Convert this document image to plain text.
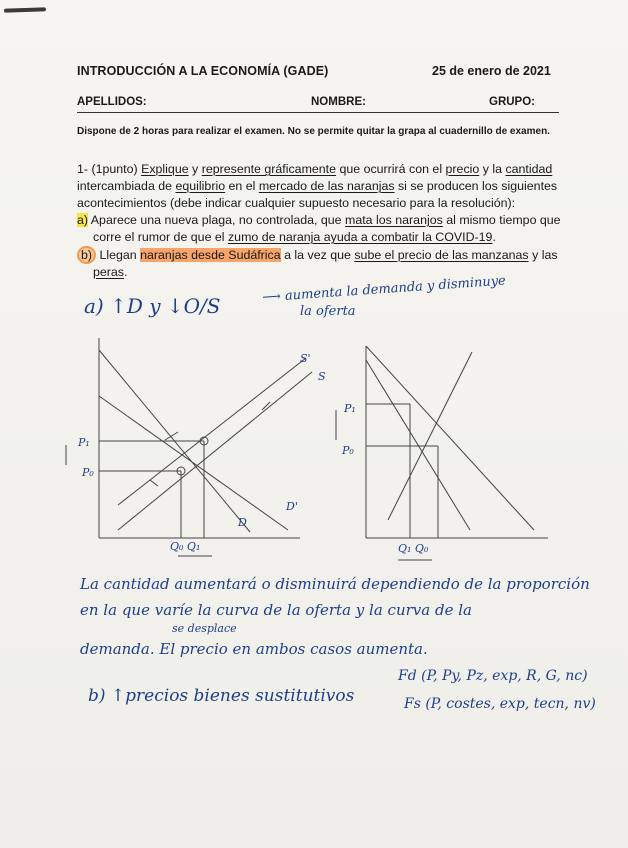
INTRODUCCIÓN A LA ECONOMÍA (GADE)	25 de enero de 2021
APELLIDOS:	NOMBRE:	GRUPO:
Dispone de 2 horas para realizar el examen. No se permite quitar la grapa al cuadernillo de examen.
1- (1punto) Explique y represente gráficamente que ocurrirá con el precio y la cantidad
intercambiada de equilibrio en el mercado de las naranjas si se producen los siguientes
acontecimientos (debe indicar cualquier supuesto necesario para la resolución):
a) Aparece una nueva plaga, no controlada, que mata los naranjos al mismo tiempo que
corre el rumor de que el zumo de naranja ayuda a combatir la COVID-19.
b) Llegan naranjas desde Sudáfrica a la vez que sube el precio de las manzanas y las
peras.
a) ↑D y ↓O/S
⟶ aumenta la demanda y disminuye
la oferta
S'
S
D
D'
P₁
P₀
Q₀ Q₁
P₁
P₀
Q₁ Q₀
La cantidad aumentará o disminuirá dependiendo de la proporción
en la que varíe la curva de la oferta y la curva de la
se desplace
demanda. El precio en ambos casos aumenta.
b) ↑precios bienes sustitutivos
Fd (P, Py, Pz, exp, R, G, nc)
Fs (P, costes, exp, tecn, nv)
